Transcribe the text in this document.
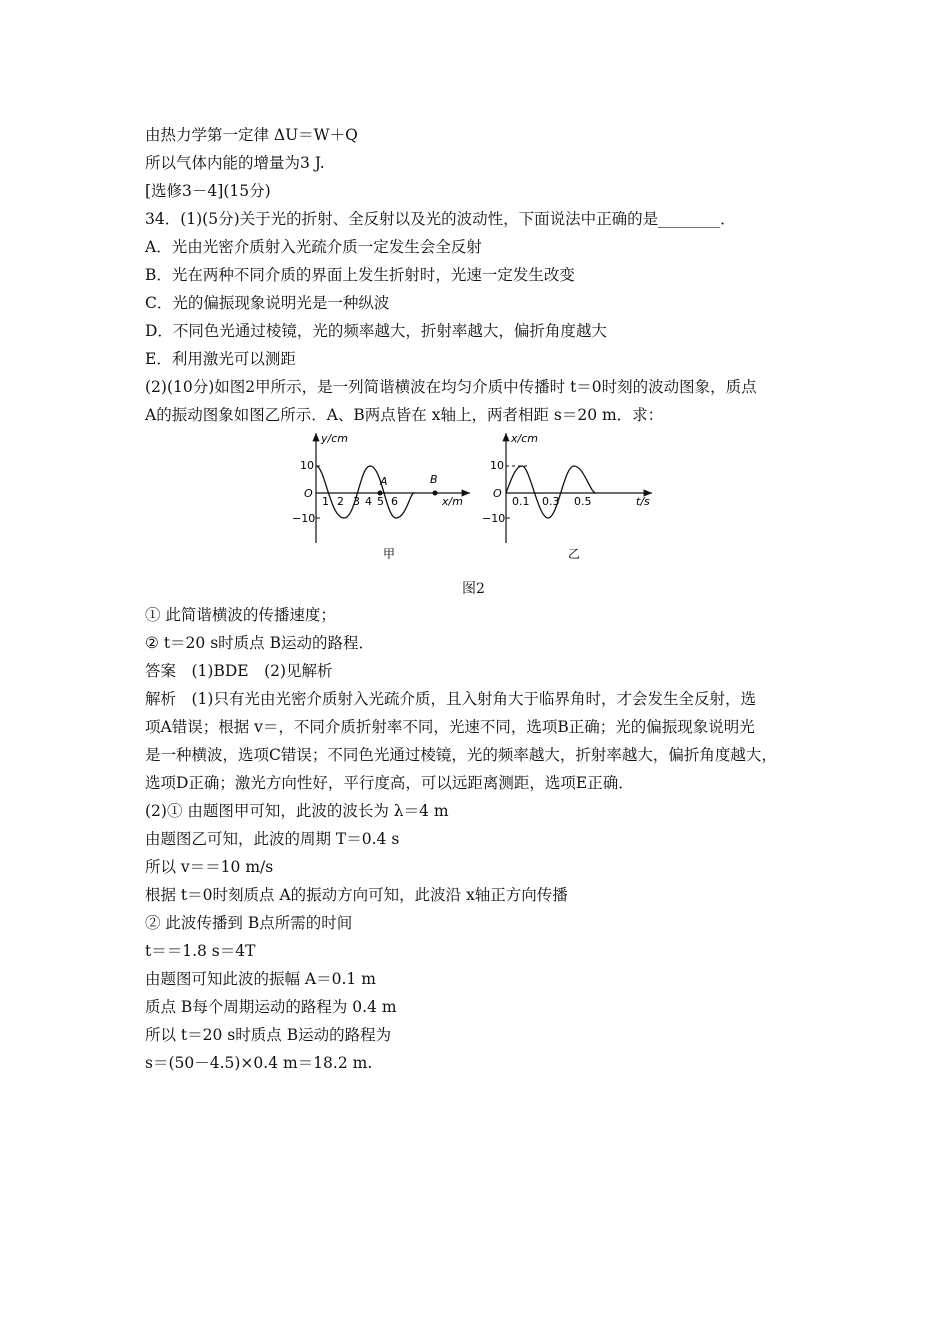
由热力学第一定律 ΔU＝W＋Q
所以气体内能的增量为3 J.
[选修3－4](15分)
34．(1)(5分)关于光的折射、全反射以及光的波动性，下面说法中正确的是________．
A．光由光密介质射入光疏介质一定发生会全反射
B．光在两种不同介质的界面上发生折射时，光速一定发生改变
C．光的偏振现象说明光是一种纵波
D．不同色光通过棱镜，光的频率越大，折射率越大，偏折角度越大
E．利用激光可以测距
(2)(10分)如图2甲所示，是一列简谐横波在均匀介质中传播时 t＝0时刻的波动图象，质点
A的振动图象如图乙所示．A、B两点皆在 x轴上，两者相距 s＝20 m．求：
y/cm
O
10
−10
1 2 3 4 5 6
A	B
x/m
x/cm
O
10
−10
0.1 0.3 0.5	t/s
甲	乙
图2
① 此简谐横波的传播速度；
② t＝20 s时质点 B运动的路程．
答案　(1)BDE　(2)见解析
解析　(1)只有光由光密介质射入光疏介质，且入射角大于临界角时，才会发生全反射，选
项A错误；根据 v＝，不同介质折射率不同，光速不同，选项B正确；光的偏振现象说明光
是一种横波，选项C错误；不同色光通过棱镜，光的频率越大，折射率越大，偏折角度越大，
选项D正确；激光方向性好，平行度高，可以远距离测距，选项E正确．
(2)① 由题图甲可知，此波的波长为 λ＝4 m
由题图乙可知，此波的周期 T＝0.4 s
所以 v＝＝10 m/s
根据 t＝0时刻质点 A的振动方向可知，此波沿 x轴正方向传播
② 此波传播到 B点所需的时间
t＝＝1.8 s＝4T
由题图可知此波的振幅 A＝0.1 m
质点 B每个周期运动的路程为 0.4 m
所以 t＝20 s时质点 B运动的路程为
s＝(50－4.5)×0.4 m＝18.2 m.
